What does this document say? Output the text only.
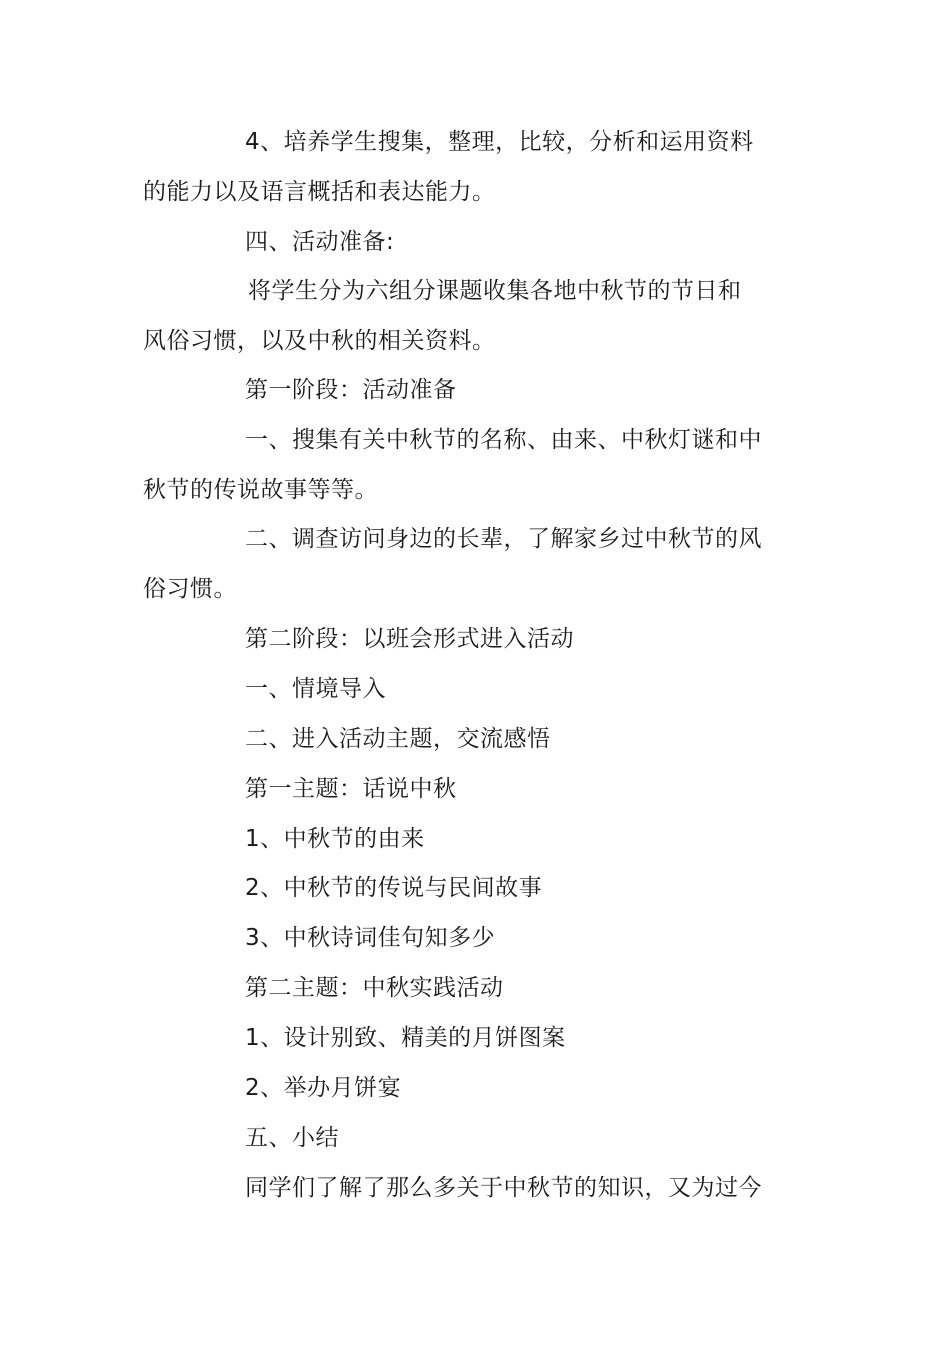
4、培养学生搜集，整理，比较，分析和运用资料
的能力以及语言概括和表达能力。
四、活动准备:
将学生分为六组分课题收集各地中秋节的节日和
风俗习惯，以及中秋的相关资料。
第一阶段：活动准备
一、搜集有关中秋节的名称、由来、中秋灯谜和中
秋节的传说故事等等。
二、调查访问身边的长辈，了解家乡过中秋节的风
俗习惯。
第二阶段：以班会形式进入活动
一、情境导入
二、进入活动主题，交流感悟
第一主题：话说中秋
1、中秋节的由来
2、中秋节的传说与民间故事
3、中秋诗词佳句知多少
第二主题：中秋实践活动
1、设计别致、精美的月饼图案
2、举办月饼宴
五、小结
同学们了解了那么多关于中秋节的知识，又为过今
